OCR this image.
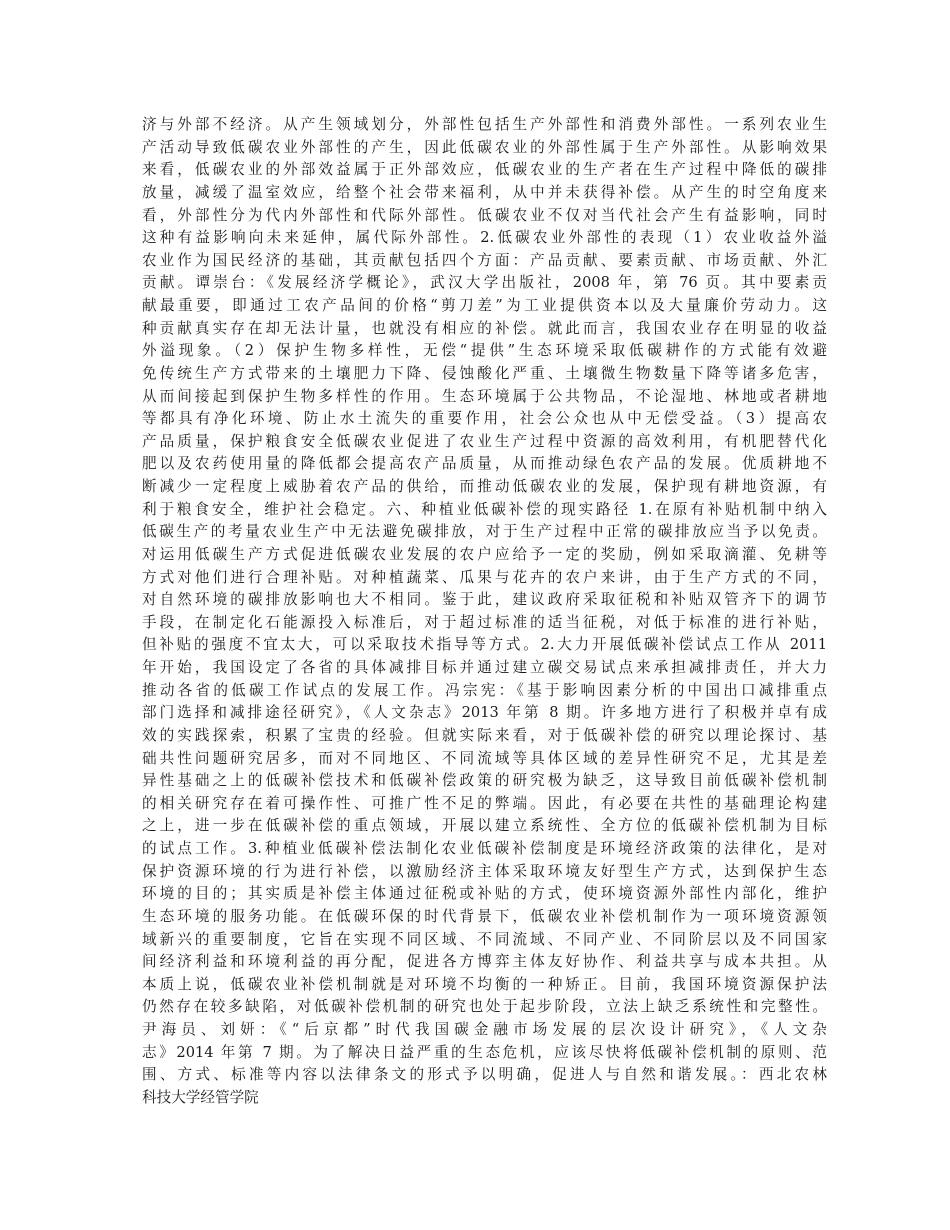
济与外部不经济。从产生领域划分，外部性包括生产外部性和消费外部性。一系列农业生
产活动导致低碳农业外部性的产生，因此低碳农业的外部性属于生产外部性。从影响效果
来看，低碳农业的外部效益属于正外部效应，低碳农业的生产者在生产过程中降低的碳排
放量，减缓了温室效应，给整个社会带来福利，从中并未获得补偿。从产生的时空角度来
看，外部性分为代内外部性和代际外部性。低碳农业不仅对当代社会产生有益影响，同时
这种有益影响向未来延伸，属代际外部性。2.低碳农业外部性的表现（1）农业收益外溢
农业作为国民经济的基础，其贡献包括四个方面：产品贡献、要素贡献、市场贡献、外汇
贡献。谭崇台：《发展经济学概论》，武汉大学出版社，2008 年，第 76 页。其中要素贡
献最重要，即通过工农产品间的价格“剪刀差”为工业提供资本以及大量廉价劳动力。这
种贡献真实存在却无法计量，也就没有相应的补偿。就此而言，我国农业存在明显的收益
外溢现象。（2）保护生物多样性，无偿“提供”生态环境采取低碳耕作的方式能有效避
免传统生产方式带来的土壤肥力下降、侵蚀酸化严重、土壤微生物数量下降等诸多危害，
从而间接起到保护生物多样性的作用。生态环境属于公共物品，不论湿地、林地或者耕地
等都具有净化环境、防止水土流失的重要作用，社会公众也从中无偿受益。（3）提高农
产品质量，保护粮食安全低碳农业促进了农业生产过程中资源的高效利用，有机肥替代化
肥以及农药使用量的降低都会提高农产品质量，从而推动绿色农产品的发展。优质耕地不
断减少一定程度上威胁着农产品的供给，而推动低碳农业的发展，保护现有耕地资源，有
利于粮食安全，维护社会稳定。六、种植业低碳补偿的现实路径 1.在原有补贴机制中纳入
低碳生产的考量农业生产中无法避免碳排放，对于生产过程中正常的碳排放应当予以免责。
对运用低碳生产方式促进低碳农业发展的农户应给予一定的奖励，例如采取滴灌、免耕等
方式对他们进行合理补贴。对种植蔬菜、瓜果与花卉的农户来讲，由于生产方式的不同，
对自然环境的碳排放影响也大不相同。鉴于此，建议政府采取征税和补贴双管齐下的调节
手段，在制定化石能源投入标准后，对于超过标准的适当征税，对低于标准的进行补贴，
但补贴的强度不宜太大，可以采取技术指导等方式。2.大力开展低碳补偿试点工作从 2011
年开始，我国设定了各省的具体减排目标并通过建立碳交易试点来承担减排责任，并大力
推动各省的低碳工作试点的发展工作。冯宗宪：《基于影响因素分析的中国出口减排重点
部门选择和减排途径研究》，《人文杂志》2013 年第 8 期。许多地方进行了积极并卓有成
效的实践探索，积累了宝贵的经验。但就实际来看，对于低碳补偿的研究以理论探讨、基
础共性问题研究居多，而对不同地区、不同流域等具体区域的差异性研究不足，尤其是差
异性基础之上的低碳补偿技术和低碳补偿政策的研究极为缺乏，这导致目前低碳补偿机制
的相关研究存在着可操作性、可推广性不足的弊端。因此，有必要在共性的基础理论构建
之上，进一步在低碳补偿的重点领域，开展以建立系统性、全方位的低碳补偿机制为目标
的试点工作。3.种植业低碳补偿法制化农业低碳补偿制度是环境经济政策的法律化，是对
保护资源环境的行为进行补偿，以激励经济主体采取环境友好型生产方式，达到保护生态
环境的目的；其实质是补偿主体通过征税或补贴的方式，使环境资源外部性内部化，维护
生态环境的服务功能。在低碳环保的时代背景下，低碳农业补偿机制作为一项环境资源领
域新兴的重要制度，它旨在实现不同区域、不同流域、不同产业、不同阶层以及不同国家
间经济利益和环境利益的再分配，促进各方博弈主体友好协作、利益共享与成本共担。从
本质上说，低碳农业补偿机制就是对环境不均衡的一种矫正。目前，我国环境资源保护法
仍然存在较多缺陷，对低碳补偿机制的研究也处于起步阶段，立法上缺乏系统性和完整性。
尹海员、刘妍：《“后京都”时代我国碳金融市场发展的层次设计研究》，《人文杂
志》2014 年第 7 期。为了解决日益严重的生态危机，应该尽快将低碳补偿机制的原则、范
围、方式、标准等内容以法律条文的形式予以明确，促进人与自然和谐发展。：西北农林
科技大学经管学院
